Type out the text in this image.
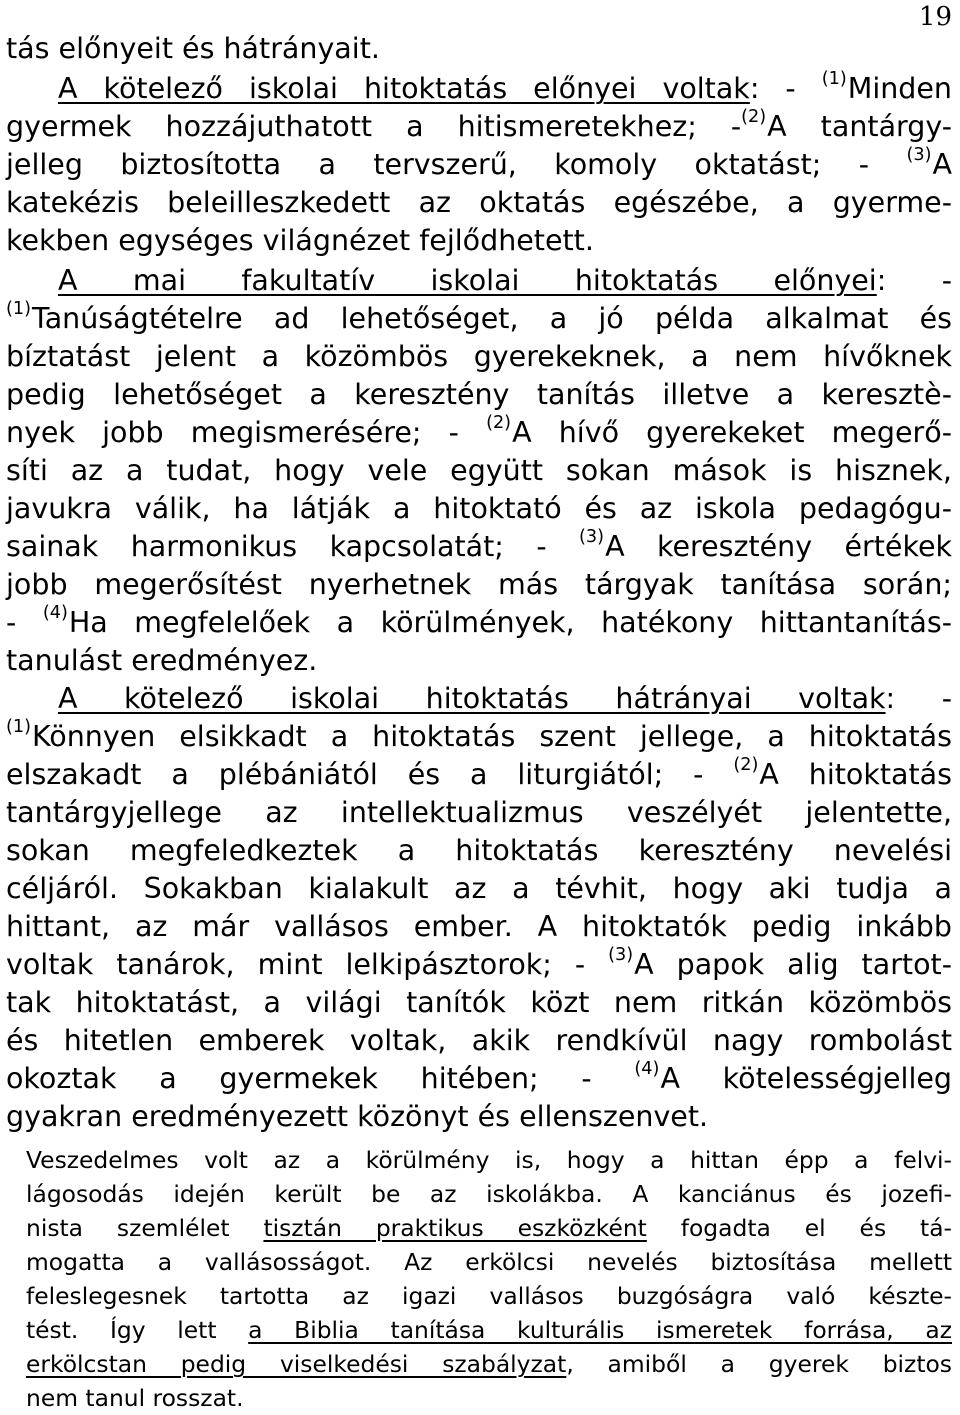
19
tás előnyeit és hátrányait.
A kötelező iskolai hitoktatás előnyei voltak: - $^{(1)}$Minden
gyermek hozzájuthatott a hitismeretekhez; -$^{(2)}$A tantárgy-
jelleg biztosította a tervszerű, komoly oktatást; - $^{(3)}$A
katekézis beleilleszkedett az oktatás egészébe, a gyerme-
kekben egységes világnézet fejlődhetett.
A mai fakultatív iskolai hitoktatás előnyei: -
$^{(1)}$Tanúságtételre ad lehetőséget, a jó példa alkalmat és
bíztatást jelent a közömbös gyerekeknek, a nem hívőknek
pedig lehetőséget a keresztény tanítás illetve a keresztè-
nyek jobb megismerésére; - $^{(2)}$A hívő gyerekeket megerő-
síti az a tudat, hogy vele együtt sokan mások is hisznek,
javukra válik, ha látják a hitoktató és az iskola pedagógu-
sainak harmonikus kapcsolatát; - $^{(3)}$A keresztény értékek
jobb megerősítést nyerhetnek más tárgyak tanítása során;
- $^{(4)}$Ha megfelelőek a körülmények, hatékony hittantanítás-
tanulást eredményez.
A kötelező iskolai hitoktatás hátrányai voltak: -
$^{(1)}$Könnyen elsikkadt a hitoktatás szent jellege, a hitoktatás
elszakadt a plébániától és a liturgiától; - $^{(2)}$A hitoktatás
tantárgyjellege az intellektualizmus veszélyét jelentette,
sokan megfeledkeztek a hitoktatás keresztény nevelési
céljáról. Sokakban kialakult az a tévhit, hogy aki tudja a
hittant, az már vallásos ember. A hitoktatók pedig inkább
voltak tanárok, mint lelkipásztorok; - $^{(3)}$A papok alig tartot-
tak hitoktatást, a világi tanítók közt nem ritkán közömbös
és hitetlen emberek voltak, akik rendkívül nagy rombolást
okoztak a gyermekek hitében; - $^{(4)}$A kötelességjelleg
gyakran eredményezett közönyt és ellenszenvet.
Veszedelmes volt az a körülmény is, hogy a hittan épp a felvi-
lágosodás idején került be az iskolákba. A kanciánus és jozefi-
nista szemlélet tisztán praktikus eszközként fogadta el és tá-
mogatta a vallásosságot. Az erkölcsi nevelés biztosítása mellett
feleslegesnek tartotta az igazi vallásos buzgóságra való készte-
tést. Így lett a Biblia tanítása kulturális ismeretek forrása, az
erkölcstan pedig viselkedési szabályzat, amiből a gyerek biztos
nem tanul rosszat.
